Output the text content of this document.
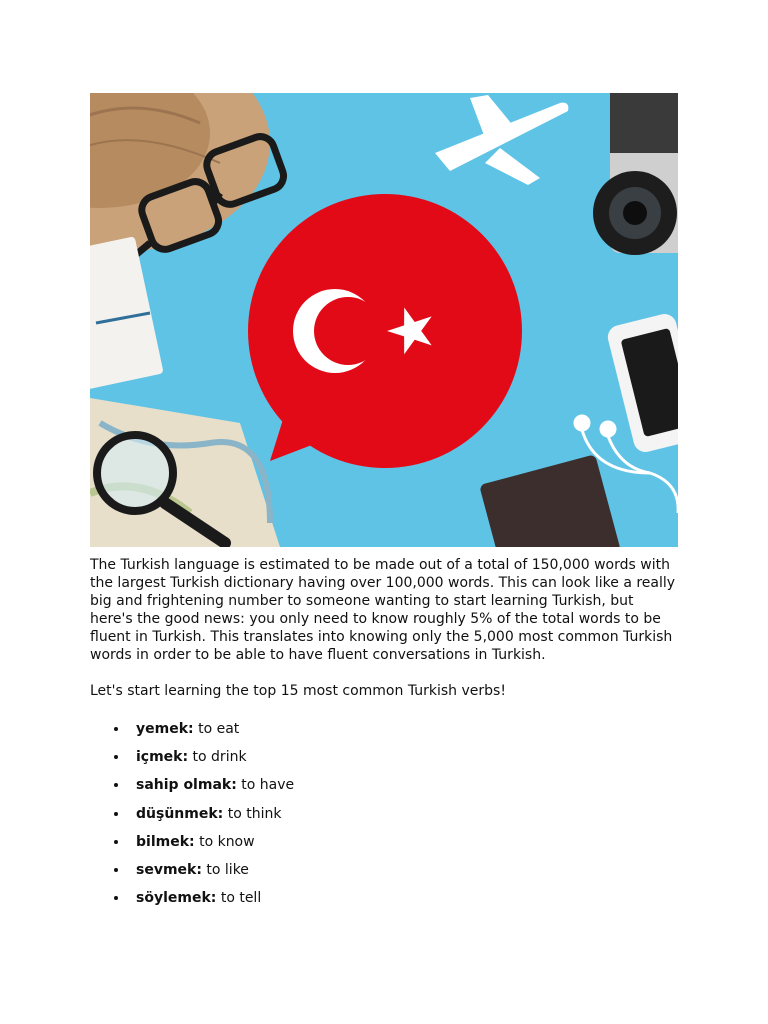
The Turkish language is estimated to be made out of a total of 150,000 words with the largest Turkish dictionary having over 100,000 words. This can look like a really big and frightening number to someone wanting to start learning Turkish, but here's the good news: you only need to know roughly 5% of the total words to be fluent in Turkish. This translates into knowing only the 5,000 most common Turkish words in order to be able to have fluent conversations in Turkish.

Let's start learning the top 15 most common Turkish verbs!

yemek: to eat
içmek: to drink
sahip olmak: to have
düşünmek: to think
bilmek: to know
sevmek: to like
söylemek: to tell
